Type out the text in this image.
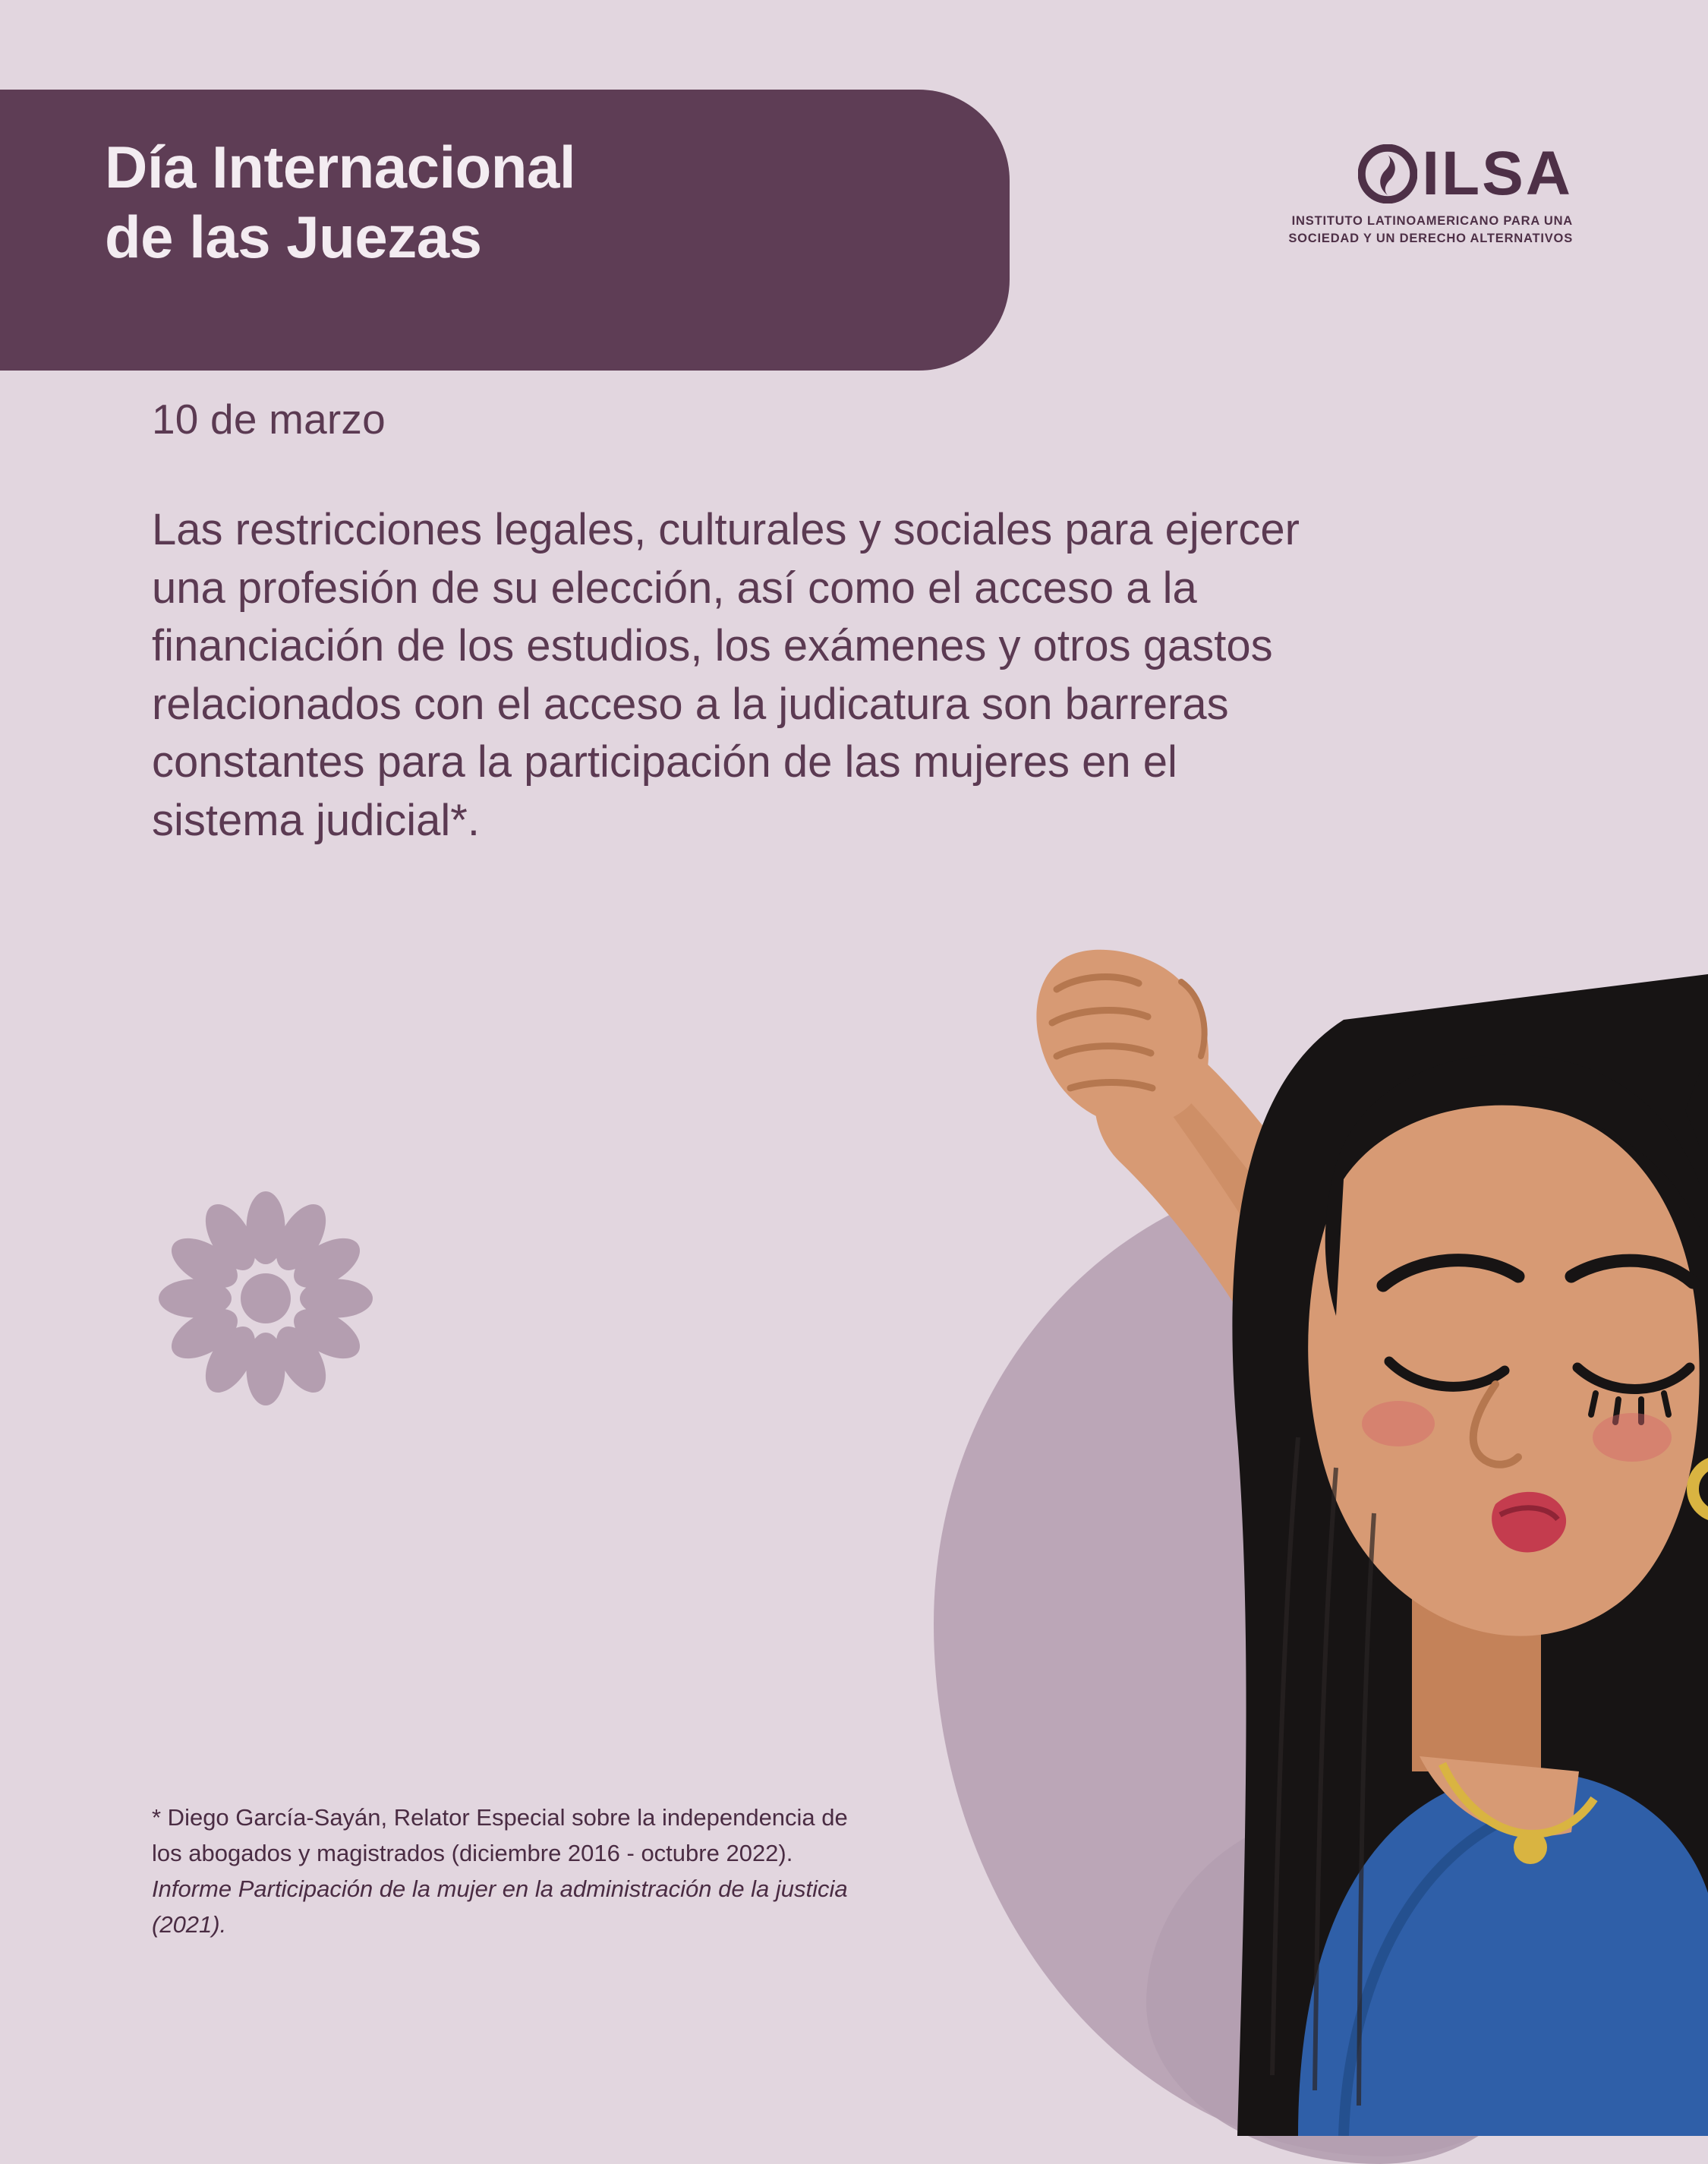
Día Internacional
de las Juezas
ILSA
INSTITUTO LATINOAMERICANO PARA UNA
SOCIEDAD Y UN DERECHO ALTERNATIVOS
10 de marzo
Las restricciones legales, culturales y sociales para ejercer una profesión de su elección, así como el acceso a la financiación de los estudios, los exámenes y otros gastos relacionados con el acceso a la judicatura son barreras constantes para la participación de las mujeres en el sistema judicial*.
* Diego García-Sayán, Relator Especial sobre la independencia de los abogados y magistrados (diciembre 2016 - octubre 2022). Informe Participación de la mujer en la administración de la justicia (2021).
